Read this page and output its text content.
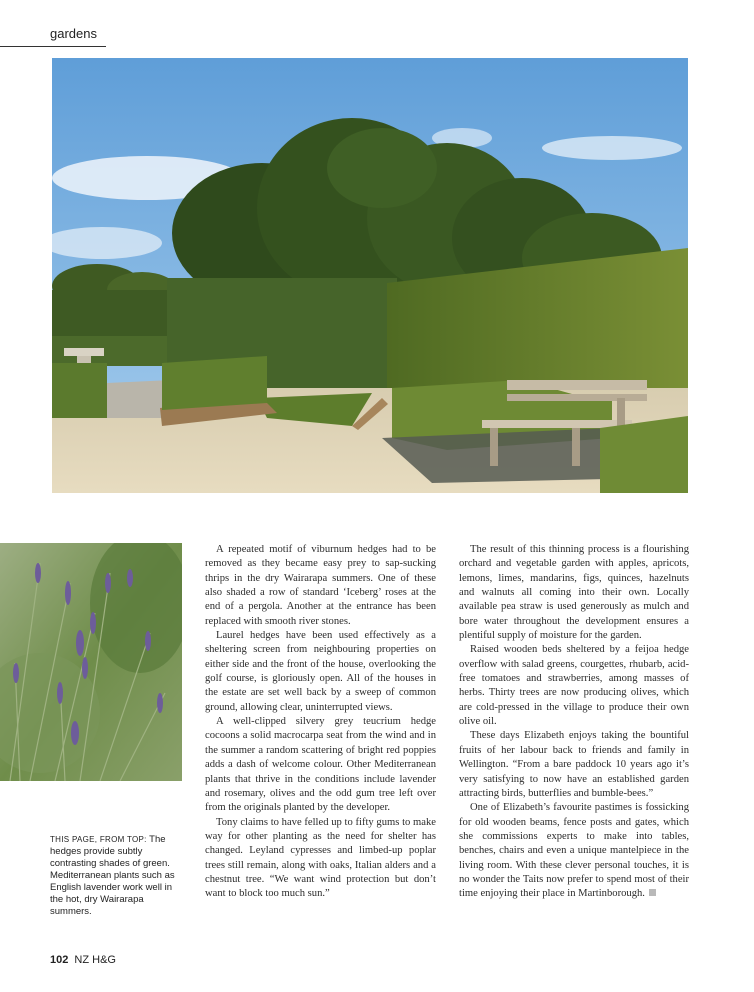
gardens
THIS PAGE, FROM TOP: The hedges provide subtly contrasting shades of green. Mediterranean plants such as English lavender work well in the hot, dry Wairarapa summers.

A repeated motif of viburnum hedges had to be removed as they became easy prey to sap-sucking thrips in the dry Wairarapa summers. One of these also shaded a row of standard ‘Iceberg’ roses at the end of a pergola. Another at the entrance has been replaced with smooth river stones.

Laurel hedges have been used effectively as a sheltering screen from neighbouring properties on either side and the front of the house, overlooking the golf course, is gloriously open. All of the houses in the estate are set well back by a sweep of common ground, allowing clear, uninterrupted views.

A well-clipped silvery grey teucrium hedge cocoons a solid macrocarpa seat from the wind and in the summer a random scattering of bright red poppies adds a dash of welcome colour. Other Mediterranean plants that thrive in the conditions include lavender and rosemary, olives and the odd gum tree left over from the originals planted by the developer.

Tony claims to have felled up to fifty gums to make way for other planting as the need for shelter has changed. Leyland cypresses and limbed-up poplar trees still remain, along with oaks, Italian alders and a chestnut tree. “We want wind protection but don’t want to block too much sun.”

The result of this thinning process is a flourishing orchard and vegetable garden with apples, apricots, lemons, limes, mandarins, figs, quinces, hazelnuts and walnuts all coming into their own. Locally available pea straw is used generously as mulch and bore water throughout the development ensures a plentiful supply of moisture for the garden.

Raised wooden beds sheltered by a feijoa hedge overflow with salad greens, courgettes, rhubarb, acid-free tomatoes and strawberries, among masses of herbs. Thirty trees are now producing olives, which are cold-pressed in the village to produce their own olive oil.

These days Elizabeth enjoys taking the bountiful fruits of her labour back to friends and family in Wellington. “From a bare paddock 10 years ago it’s very satisfying to now have an established garden attracting birds, butterflies and bumble-bees.”

One of Elizabeth’s favourite pastimes is fossicking for old wooden beams, fence posts and gates, which she commissions experts to make into tables, benches, chairs and even a unique mantelpiece in the living room. With these clever personal touches, it is no wonder the Taits now prefer to spend most of their time enjoying their place in Martinborough.

102 NZ H&G
